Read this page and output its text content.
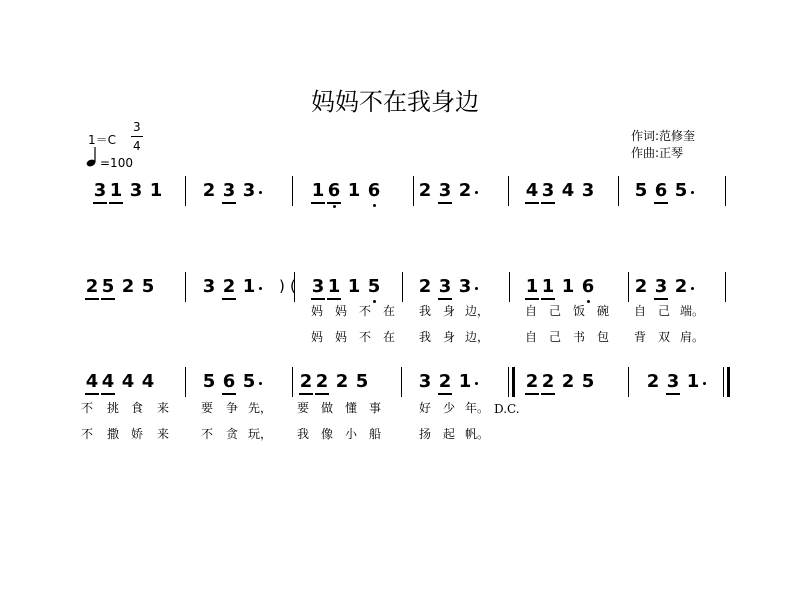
妈妈不在我身边
1＝C
3
4
=100
作词:范修奎
作曲:正琴
3 1 3 1 2 3 3	1 6 1 6 2 3 2	4 3 4 3 5 6 5
2 5 2 5	3 2 1	3 1 1 5 2 3 3	1 1 1 6 2 3 2
4 4 4 4	5 6 5 2 2 2 5	3 2 1	2 2 2 5	2 3 1
(
)
D.C.
妈 妈 不 在 我 身 边，	自 己 饭 碗 自 己 端。
妈 妈 不 在 我 身 边，	自 己 书 包 背 双 肩。
不 挑 食 来	要 争 先，	要 做 懂 事	好 少 年。
不 撒 娇 来	不 贪 玩，	我 像 小 船	扬 起 帆。
